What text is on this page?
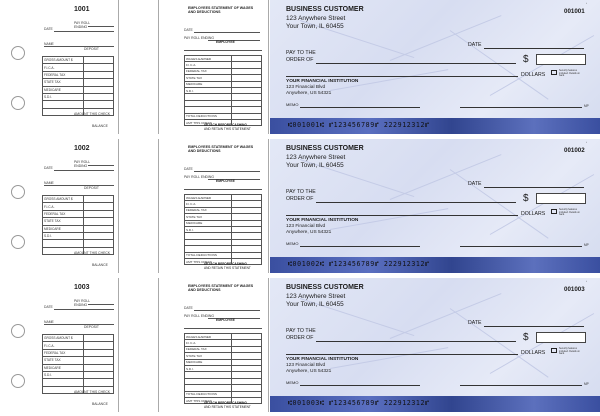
1001
DATE
PAY ROLL ENDING
NAME
DEPOSIT
GROSS AMOUNT $	
F.I.C.A.	
FEDERAL TAX	
STATE TAX	
MEDICARE	
S.D.I.	

AMOUNT THIS CHECK
BALANCE
EMPLOYEES STATEMENT OF WAGES AND DEDUCTIONS
DATE
PAY ROLL ENDING
EMPLOYEE
WAGES EARNED	
F.I.C.A.	
FEDERAL TAX	
STATE TAX	
MEDICARE	
S.D.I.	

TOTAL DEDUCTIONS	
AMT THIS CHECK	
DETACH BEFORE CASHING
AND RETAIN THIS STATEMENT
▪
BUSINESS CUSTOMER
123 Anywhere Street
Your Town, IL 60455
001001
DATE
PAY TO THE
ORDER OF	$
DOLLARS
Security features included. Details on back.
YOUR FINANCIAL INSTITUTION
123 Financial Blvd
Anywhere, US 54321
MEMO	MP
⑆001001⑆ ⑈123456789⑈ 222912312⑈
1002
DATE
PAY ROLL ENDING
NAME
DEPOSIT
GROSS AMOUNT $	
F.I.C.A.	
FEDERAL TAX	
STATE TAX	
MEDICARE	
S.D.I.	

AMOUNT THIS CHECK
BALANCE
EMPLOYEES STATEMENT OF WAGES AND DEDUCTIONS
DATE
PAY ROLL ENDING
EMPLOYEE
WAGES EARNED	
F.I.C.A.	
FEDERAL TAX	
STATE TAX	
MEDICARE	
S.D.I.	

TOTAL DEDUCTIONS	
AMT THIS CHECK	
DETACH BEFORE CASHING
AND RETAIN THIS STATEMENT
▪
BUSINESS CUSTOMER
123 Anywhere Street
Your Town, IL 60455
001002
DATE
PAY TO THE
ORDER OF	$
DOLLARS
Security features included. Details on back.
YOUR FINANCIAL INSTITUTION
123 Financial Blvd
Anywhere, US 54321
MEMO	MP
⑆001002⑆ ⑈123456789⑈ 222912312⑈
1003
DATE
PAY ROLL ENDING
NAME
DEPOSIT
GROSS AMOUNT $	
F.I.C.A.	
FEDERAL TAX	
STATE TAX	
MEDICARE	
S.D.I.	

AMOUNT THIS CHECK
BALANCE
EMPLOYEES STATEMENT OF WAGES AND DEDUCTIONS
DATE
PAY ROLL ENDING
EMPLOYEE
WAGES EARNED	
F.I.C.A.	
FEDERAL TAX	
STATE TAX	
MEDICARE	
S.D.I.	

TOTAL DEDUCTIONS	
AMT THIS CHECK	
DETACH BEFORE CASHING
AND RETAIN THIS STATEMENT
▪
BUSINESS CUSTOMER
123 Anywhere Street
Your Town, IL 60455
001003
DATE
PAY TO THE
ORDER OF	$
DOLLARS
Security features included. Details on back.
YOUR FINANCIAL INSTITUTION
123 Financial Blvd
Anywhere, US 54321
MEMO	MP
⑆001003⑆ ⑈123456789⑈ 222912312⑈
